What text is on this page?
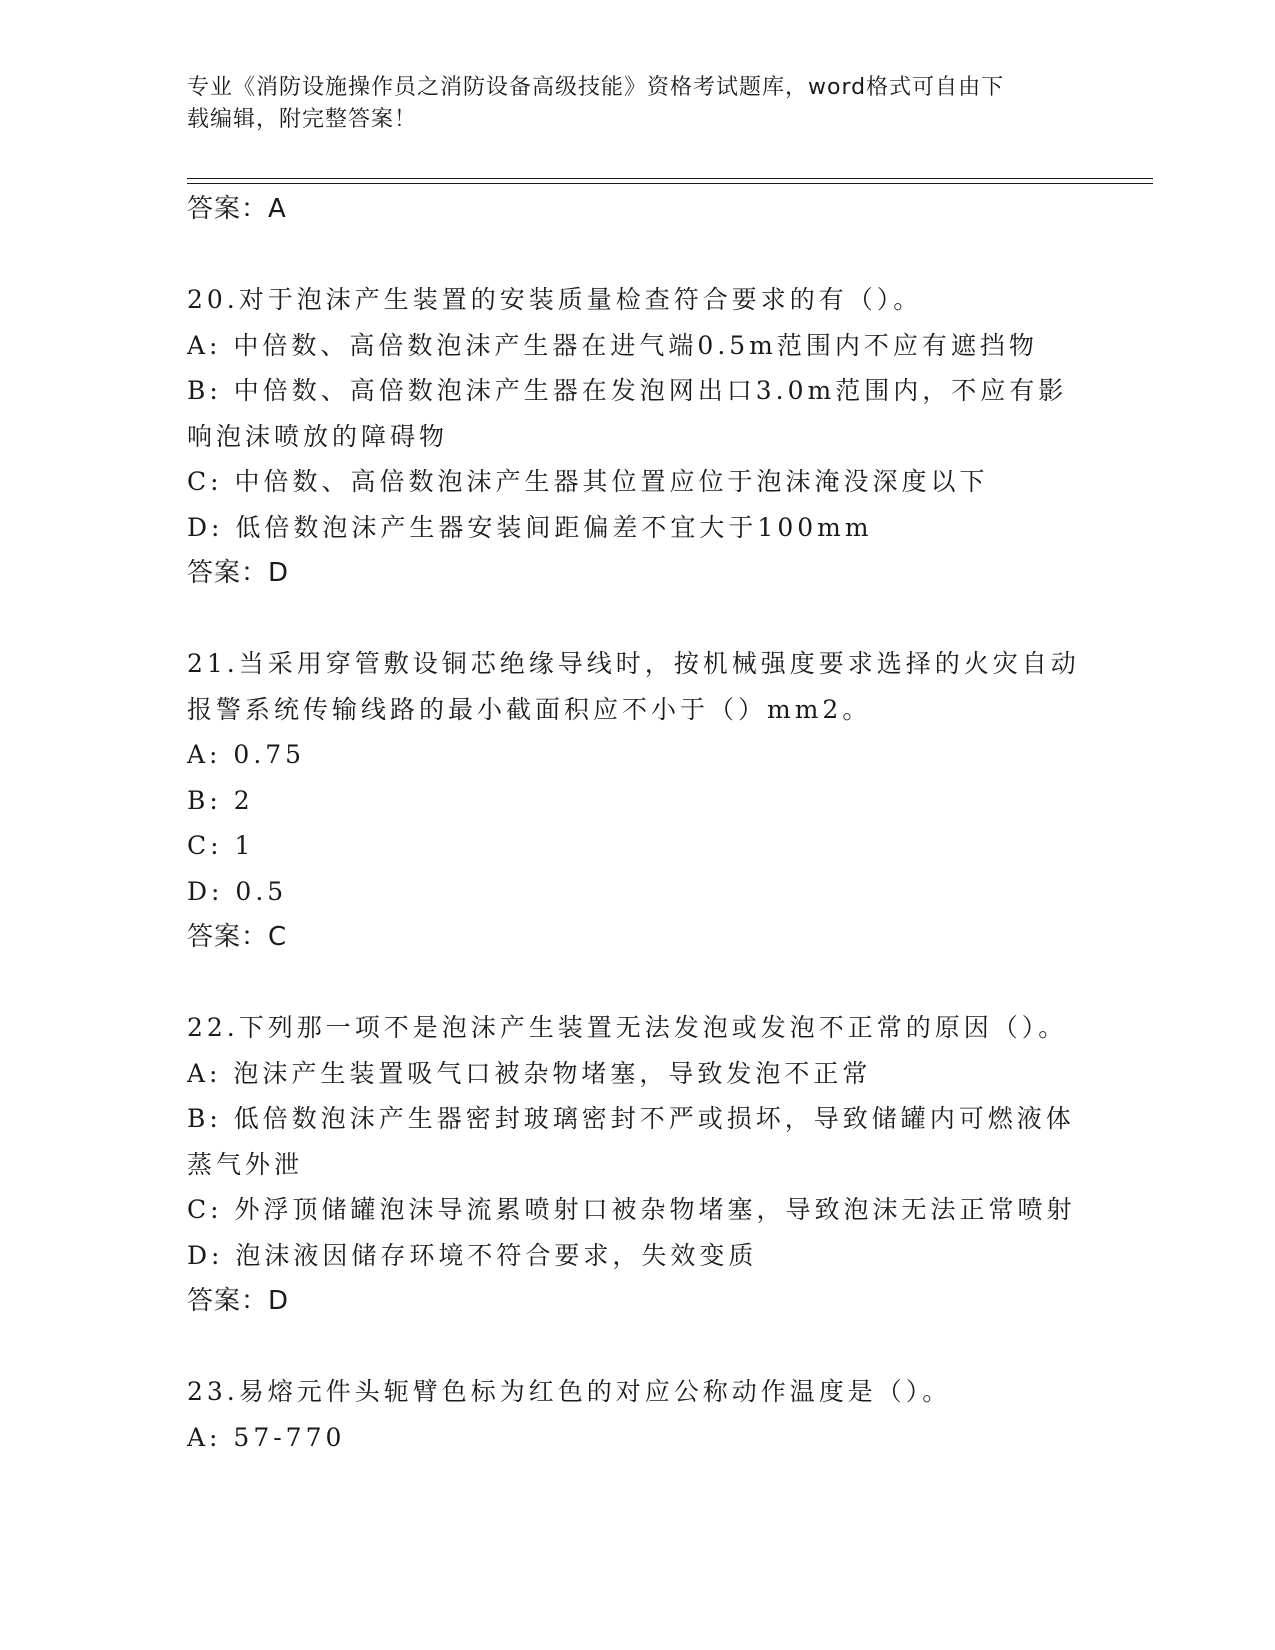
专业《消防设施操作员之消防设备高级技能》资格考试题库，word格式可自由下
载编辑，附完整答案！
答案：A
20.对于泡沫产生装置的安装质量检查符合要求的有（）。
A: 中倍数、高倍数泡沫产生器在进气端0.5m范围内不应有遮挡物
B: 中倍数、高倍数泡沫产生器在发泡网出口3.0m范围内，不应有影
响泡沫喷放的障碍物
C: 中倍数、高倍数泡沫产生器其位置应位于泡沫淹没深度以下
D: 低倍数泡沫产生器安装间距偏差不宜大于100mm
答案：D
21.当采用穿管敷设铜芯绝缘导线时，按机械强度要求选择的火灾自动
报警系统传输线路的最小截面积应不小于（）mm2。
A: 0.75
B: 2
C: 1
D: 0.5
答案：C
22.下列那一项不是泡沫产生装置无法发泡或发泡不正常的原因（）。
A: 泡沫产生装置吸气口被杂物堵塞，导致发泡不正常
B: 低倍数泡沫产生器密封玻璃密封不严或损坏，导致储罐内可燃液体
蒸气外泄
C: 外浮顶储罐泡沫导流累喷射口被杂物堵塞，导致泡沫无法正常喷射
D: 泡沫液因储存环境不符合要求，失效变质
答案：D
23.易熔元件头轭臂色标为红色的对应公称动作温度是（）。
A: 57-770
